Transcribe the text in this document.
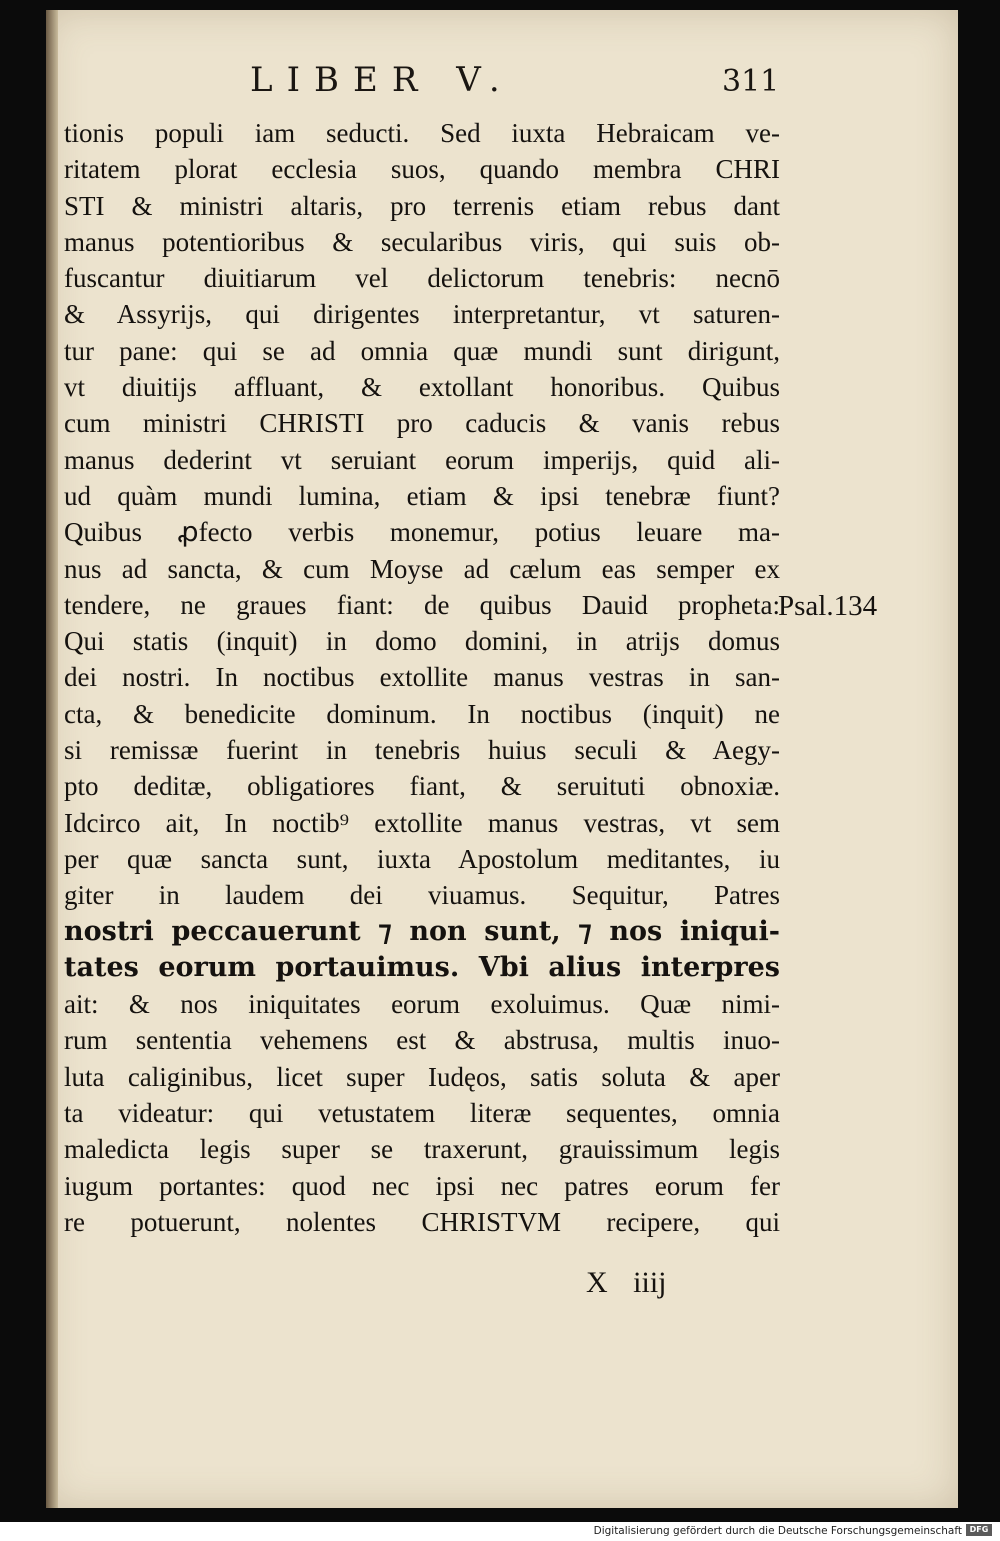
LIBER V.	311
tionis populi iam seducti. Sed iuxta Hebraicam ve-
ritatem plorat ecclesia suos, quando membra CHRI
STI & ministri altaris, pro terrenis etiam rebus dant
manus potentioribus & secularibus viris, qui suis ob-
fuscantur diuitiarum vel delictorum tenebris: necnō
& Assyrijs, qui dirigentes interpretantur, vt saturen-
tur pane: qui se ad omnia quæ mundi sunt dirigunt,
vt diuitijs affluant, & extollant honoribus. Quibus
cum ministri CHRISTI pro caducis & vanis rebus
manus dederint vt seruiant eorum imperijs, quid ali-
ud quàm mundi lumina, etiam & ipsi tenebræ fiunt?
Quibus ꝓfecto verbis monemur, potius leuare ma-
nus ad sancta, & cum Moyse ad cælum eas semper ex
tendere, ne graues fiant: de quibus Dauid propheta:
Qui statis (inquit) in domo domini, in atrijs domus
dei nostri. In noctibus extollite manus vestras in san-
cta, & benedicite dominum. In noctibus (inquit) ne
si remissæ fuerint in tenebris huius seculi & Aegy-
pto deditæ, obligatiores fiant, & seruituti obnoxiæ.
Idcirco ait, In noctib⁹ extollite manus vestras, vt sem
per quæ sancta sunt, iuxta Apostolum meditantes, iu
giter in laudem dei viuamus. Sequitur, Patres
nostri peccauerunt ⁊ non sunt, ⁊ nos iniqui-
tates eorum portauimus. Vbi alius interpres
ait: & nos iniquitates eorum exoluimus. Quæ nimi-
rum sententia vehemens est & abstrusa, multis inuo-
luta caliginibus, licet super Iudęos, satis soluta & aper
ta videatur: qui vetustatem literæ sequentes, omnia
maledicta legis super se traxerunt, grauissimum legis
iugum portantes: quod nec ipsi nec patres eorum fer
re potuerunt, nolentes CHRISTVM recipere, qui
Psal.134
X iiij
Digitalisierung gefördert durch die Deutsche Forschungsgemeinschaft DFG
